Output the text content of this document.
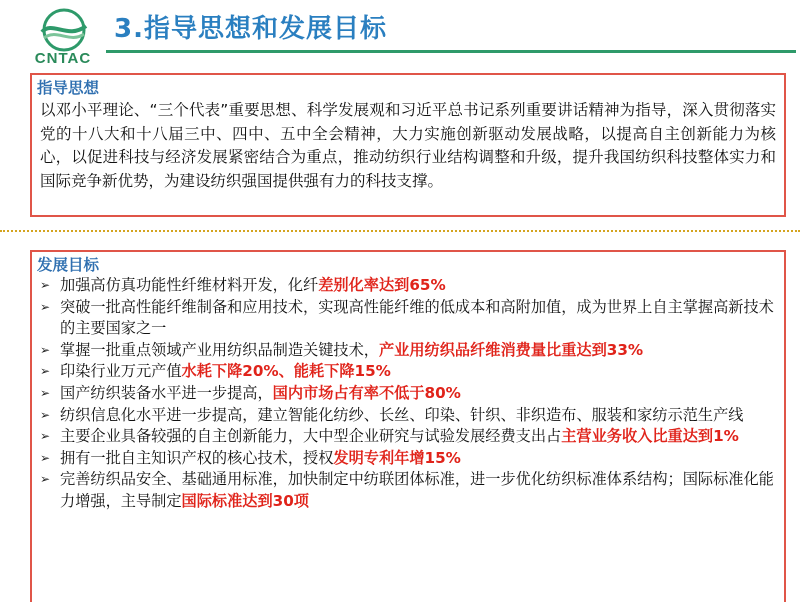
CNTAC
3.指导思想和发展目标
指导思想
以邓小平理论、“三个代表”重要思想、科学发展观和习近平总书记系列重要讲话精神为指导，深入贯彻落实党的十八大和十八届三中、四中、五中全会精神，大力实施创新驱动发展战略，以提高自主创新能力为核心，以促进科技与经济发展紧密结合为重点，推动纺织行业结构调整和升级，提升我国纺织科技整体实力和国际竞争新优势，为建设纺织强国提供强有力的科技支撑。
发展目标
➢ 加强高仿真功能性纤维材料开发，化纤差别化率达到65%
➢ 突破一批高性能纤维制备和应用技术，实现高性能纤维的低成本和高附加值，成为世界上自主掌握高新技术的主要国家之一
➢ 掌握一批重点领域产业用纺织品制造关键技术，产业用纺织品纤维消费量比重达到33%
➢ 印染行业万元产值水耗下降20%、能耗下降15%
➢ 国产纺织装备水平进一步提高，国内市场占有率不低于80%
➢ 纺织信息化水平进一步提高，建立智能化纺纱、长丝、印染、针织、非织造布、服装和家纺示范生产线
➢ 主要企业具备较强的自主创新能力，大中型企业研究与试验发展经费支出占主营业务收入比重达到1%
➢ 拥有一批自主知识产权的核心技术，授权发明专利年增15%
➢ 完善纺织品安全、基础通用标准，加快制定中纺联团体标准，进一步优化纺织标准体系结构；国际标准化能力增强，主导制定国际标准达到30项
